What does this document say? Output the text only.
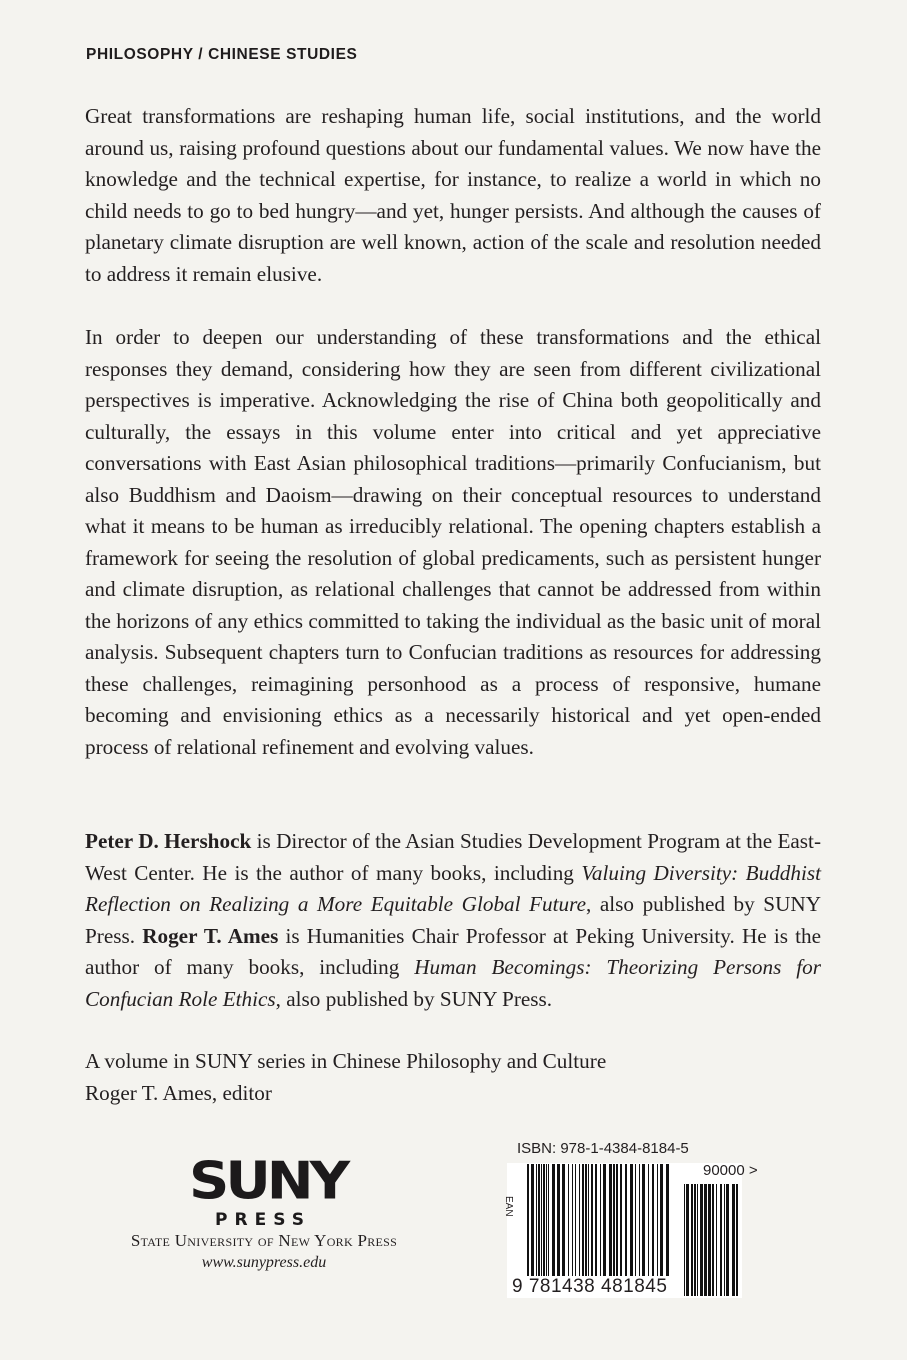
PHILOSOPHY / CHINESE STUDIES

Great transformations are reshaping human life, social institutions, and the world around us, raising profound questions about our fundamental values. We now have the knowledge and the technical expertise, for instance, to realize a world in which no child needs to go to bed hungry—and yet, hunger persists. And although the causes of planetary climate disruption are well known, action of the scale and resolution needed to address it remain elusive.

In order to deepen our understanding of these transformations and the ethical responses they demand, considering how they are seen from different civilizational perspectives is imperative. Acknowledging the rise of China both geopolitically and culturally, the essays in this volume enter into critical and yet appreciative conversations with East Asian philosophical traditions—primarily Confucianism, but also Buddhism and Daoism—drawing on their conceptual resources to understand what it means to be human as irreducibly relational. The opening chapters establish a framework for seeing the resolution of global predicaments, such as persistent hunger and climate disruption, as relational challenges that cannot be addressed from within the horizons of any ethics committed to taking the individual as the basic unit of moral analysis. Subsequent chapters turn to Confucian traditions as resources for addressing these challenges, reimagining personhood as a process of responsive, humane becoming and envisioning ethics as a necessarily historical and yet open-ended process of relational refinement and evolving values.

Peter D. Hershock is Director of the Asian Studies Development Program at the East-West Center. He is the author of many books, including Valuing Diversity: Buddhist Reflection on Realizing a More Equitable Global Future, also published by SUNY Press. Roger T. Ames is Humanities Chair Professor at Peking University. He is the author of many books, including Human Becomings: Theorizing Persons for Confucian Role Ethics, also published by SUNY Press.

A volume in SUNY series in Chinese Philosophy and Culture
Roger T. Ames, editor
SUNY
PRESS
State University of New York Press
www.sunypress.edu
ISBN: 978-1-4384-8184-5
EAN
90000 >
9 781438 481845
